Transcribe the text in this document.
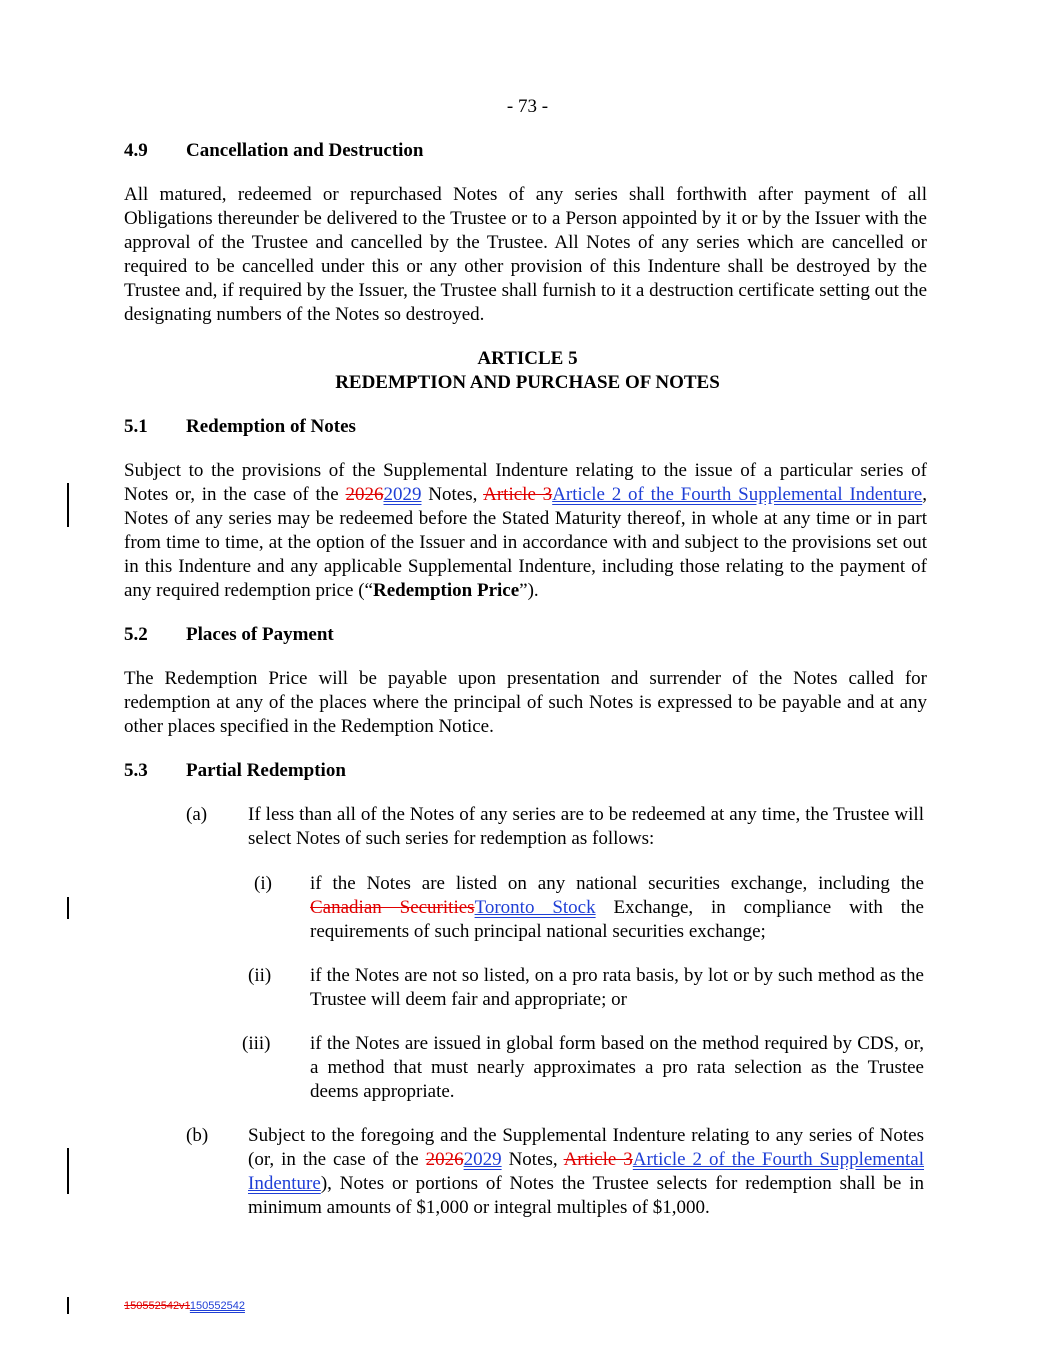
- 73 -
4.9 Cancellation and Destruction
All matured, redeemed or repurchased Notes of any series shall forthwith after payment of all Obligations thereunder be delivered to the Trustee or to a Person appointed by it or by the Issuer with the approval of the Trustee and cancelled by the Trustee. All Notes of any series which are cancelled or required to be cancelled under this or any other provision of this Indenture shall be destroyed by the Trustee and, if required by the Issuer, the Trustee shall furnish to it a destruction certificate setting out the designating numbers of the Notes so destroyed.
ARTICLE 5
REDEMPTION AND PURCHASE OF NOTES
5.1 Redemption of Notes
Subject to the provisions of the Supplemental Indenture relating to the issue of a particular series of Notes or, in the case of the 20262029 Notes, Article 3Article 2 of the Fourth Supplemental Indenture, Notes of any series may be redeemed before the Stated Maturity thereof, in whole at any time or in part from time to time, at the option of the Issuer and in accordance with and subject to the provisions set out in this Indenture and any applicable Supplemental Indenture, including those relating to the payment of any required redemption price (“Redemption Price”).
5.2 Places of Payment
The Redemption Price will be payable upon presentation and surrender of the Notes called for redemption at any of the places where the principal of such Notes is expressed to be payable and at any other places specified in the Redemption Notice.
5.3 Partial Redemption
(a) If less than all of the Notes of any series are to be redeemed at any time, the Trustee will select Notes of such series for redemption as follows:
(i) if the Notes are listed on any national securities exchange, including the Canadian SecuritiesToronto Stock Exchange, in compliance with the requirements of such principal national securities exchange;
(ii) if the Notes are not so listed, on a pro rata basis, by lot or by such method as the Trustee will deem fair and appropriate; or
(iii) if the Notes are issued in global form based on the method required by CDS, or, a method that must nearly approximates a pro rata selection as the Trustee deems appropriate.
(b) Subject to the foregoing and the Supplemental Indenture relating to any series of Notes (or, in the case of the 20262029 Notes, Article 3Article 2 of the Fourth Supplemental Indenture), Notes or portions of Notes the Trustee selects for redemption shall be in minimum amounts of $1,000 or integral multiples of $1,000.
150552542v1150552542
